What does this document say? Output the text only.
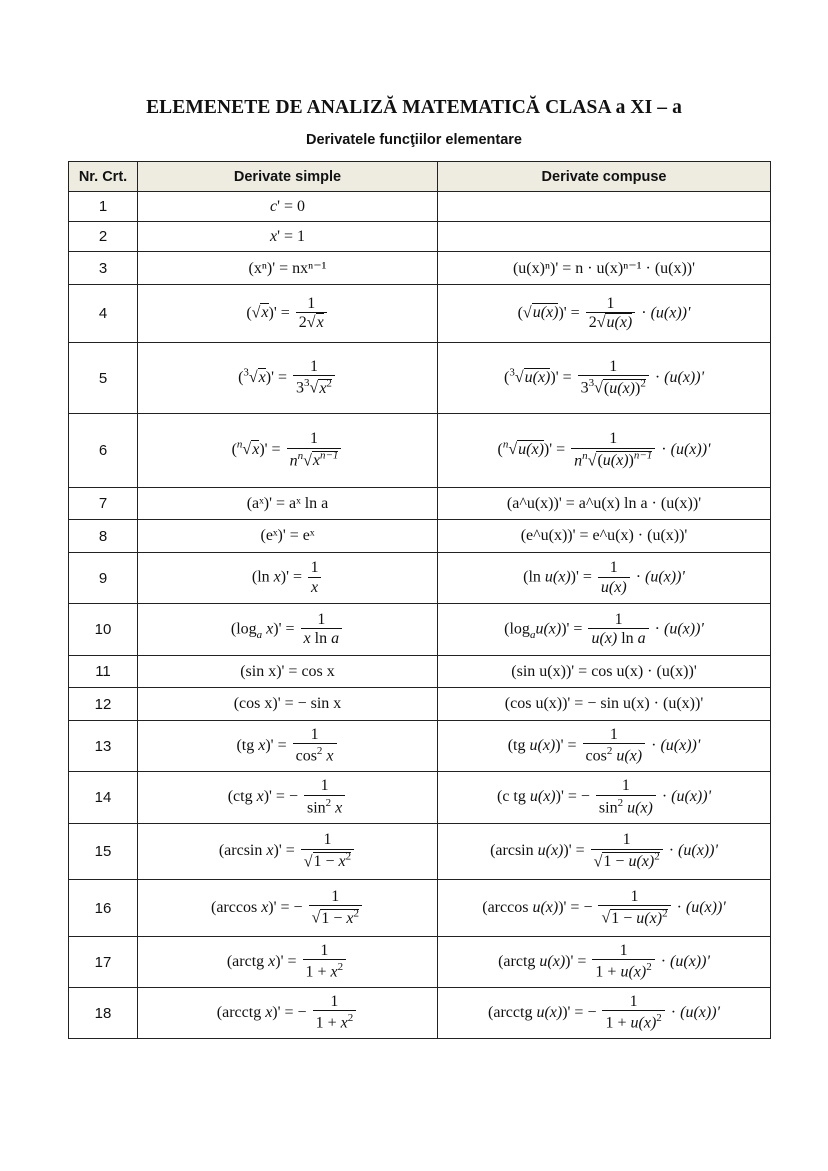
ELEMENETE DE ANALIZĂ MATEMATICĂ CLASA a XI – a
Derivatele funcţiilor elementare
Nr. Crt.	Derivate simple	Derivate compuse
1	c' = 0	
2	x' = 1	
3	(xⁿ)' = nxⁿ⁻¹	(u(x)ⁿ)' = n · u(x)ⁿ⁻¹ · (u(x))'
4	$(√x)' = \frac{1}{2√x}$	$(√u(x))' = \frac{1}{2√u(x)} \cdot (u(x))'$
5	$(^3√x)' = \frac{1}{3^3√x^2}$	$(^3√u(x))' = \frac{1}{3^3√(u(x))^2} \cdot (u(x))'$
6	$(^n√x)' = \frac{1}{n^n√x^{n-1}}$	$(^n√u(x))' = \frac{1}{n^n√(u(x))^{n-1}} \cdot (u(x))'$
7	(aˣ)' = aˣ ln a	(a^u(x))' = a^u(x) ln a · (u(x))'
8	(eˣ)' = eˣ	(e^u(x))' = e^u(x) · (u(x))'
9	(ln $x)' = \frac{1}{x}$	(ln $u(x))' = \frac{1}{u(x)} \cdot (u(x))'$
10	($\log_a$ $x)' = \frac{1}{\text{x ln a}}$	$(\log_au(x))' = \frac{1}{\text{u(x) ln a}} \cdot (u(x))'$
11	(sin x)' = cos x	(sin u(x))' = cos u(x) · (u(x))'
12	(cos x)' = − sin x	(cos u(x))' = − sin u(x) · (u(x))'
13	(tg $x)' = \frac{1}{\cos^2 x}$	(tg $u(x))' = \frac{1}{\cos^2 u(x)} \cdot (u(x))'$
14	(ctg x)' = − $\frac{1}{\sin^2 x}$	(c tg u(x))' = − $\frac{1}{\sin^2 u(x)} \cdot (u(x))'$
15	(arcsin $x)' = \frac{1}{√1 - x^2}$	(arcsin $u(x))' = \frac{1}{√1 - u(x)^2} \cdot (u(x))'$
16	(arccos x)' = − $\frac{1}{√1 - x^2}$	(arccos u(x))' = − $\frac{1}{√1 - u(x)^2} \cdot (u(x))'$
17	(arctg $x)' = \frac{1}{1 + x^2}$	(arctg $u(x))' = \frac{1}{1 + u(x)^2} \cdot (u(x))'$
18	(arcctg x)' = − $\frac{1}{1 + x^2}$	(arcctg u(x))' = − $\frac{1}{1 + u(x)^2} \cdot (u(x))'$
